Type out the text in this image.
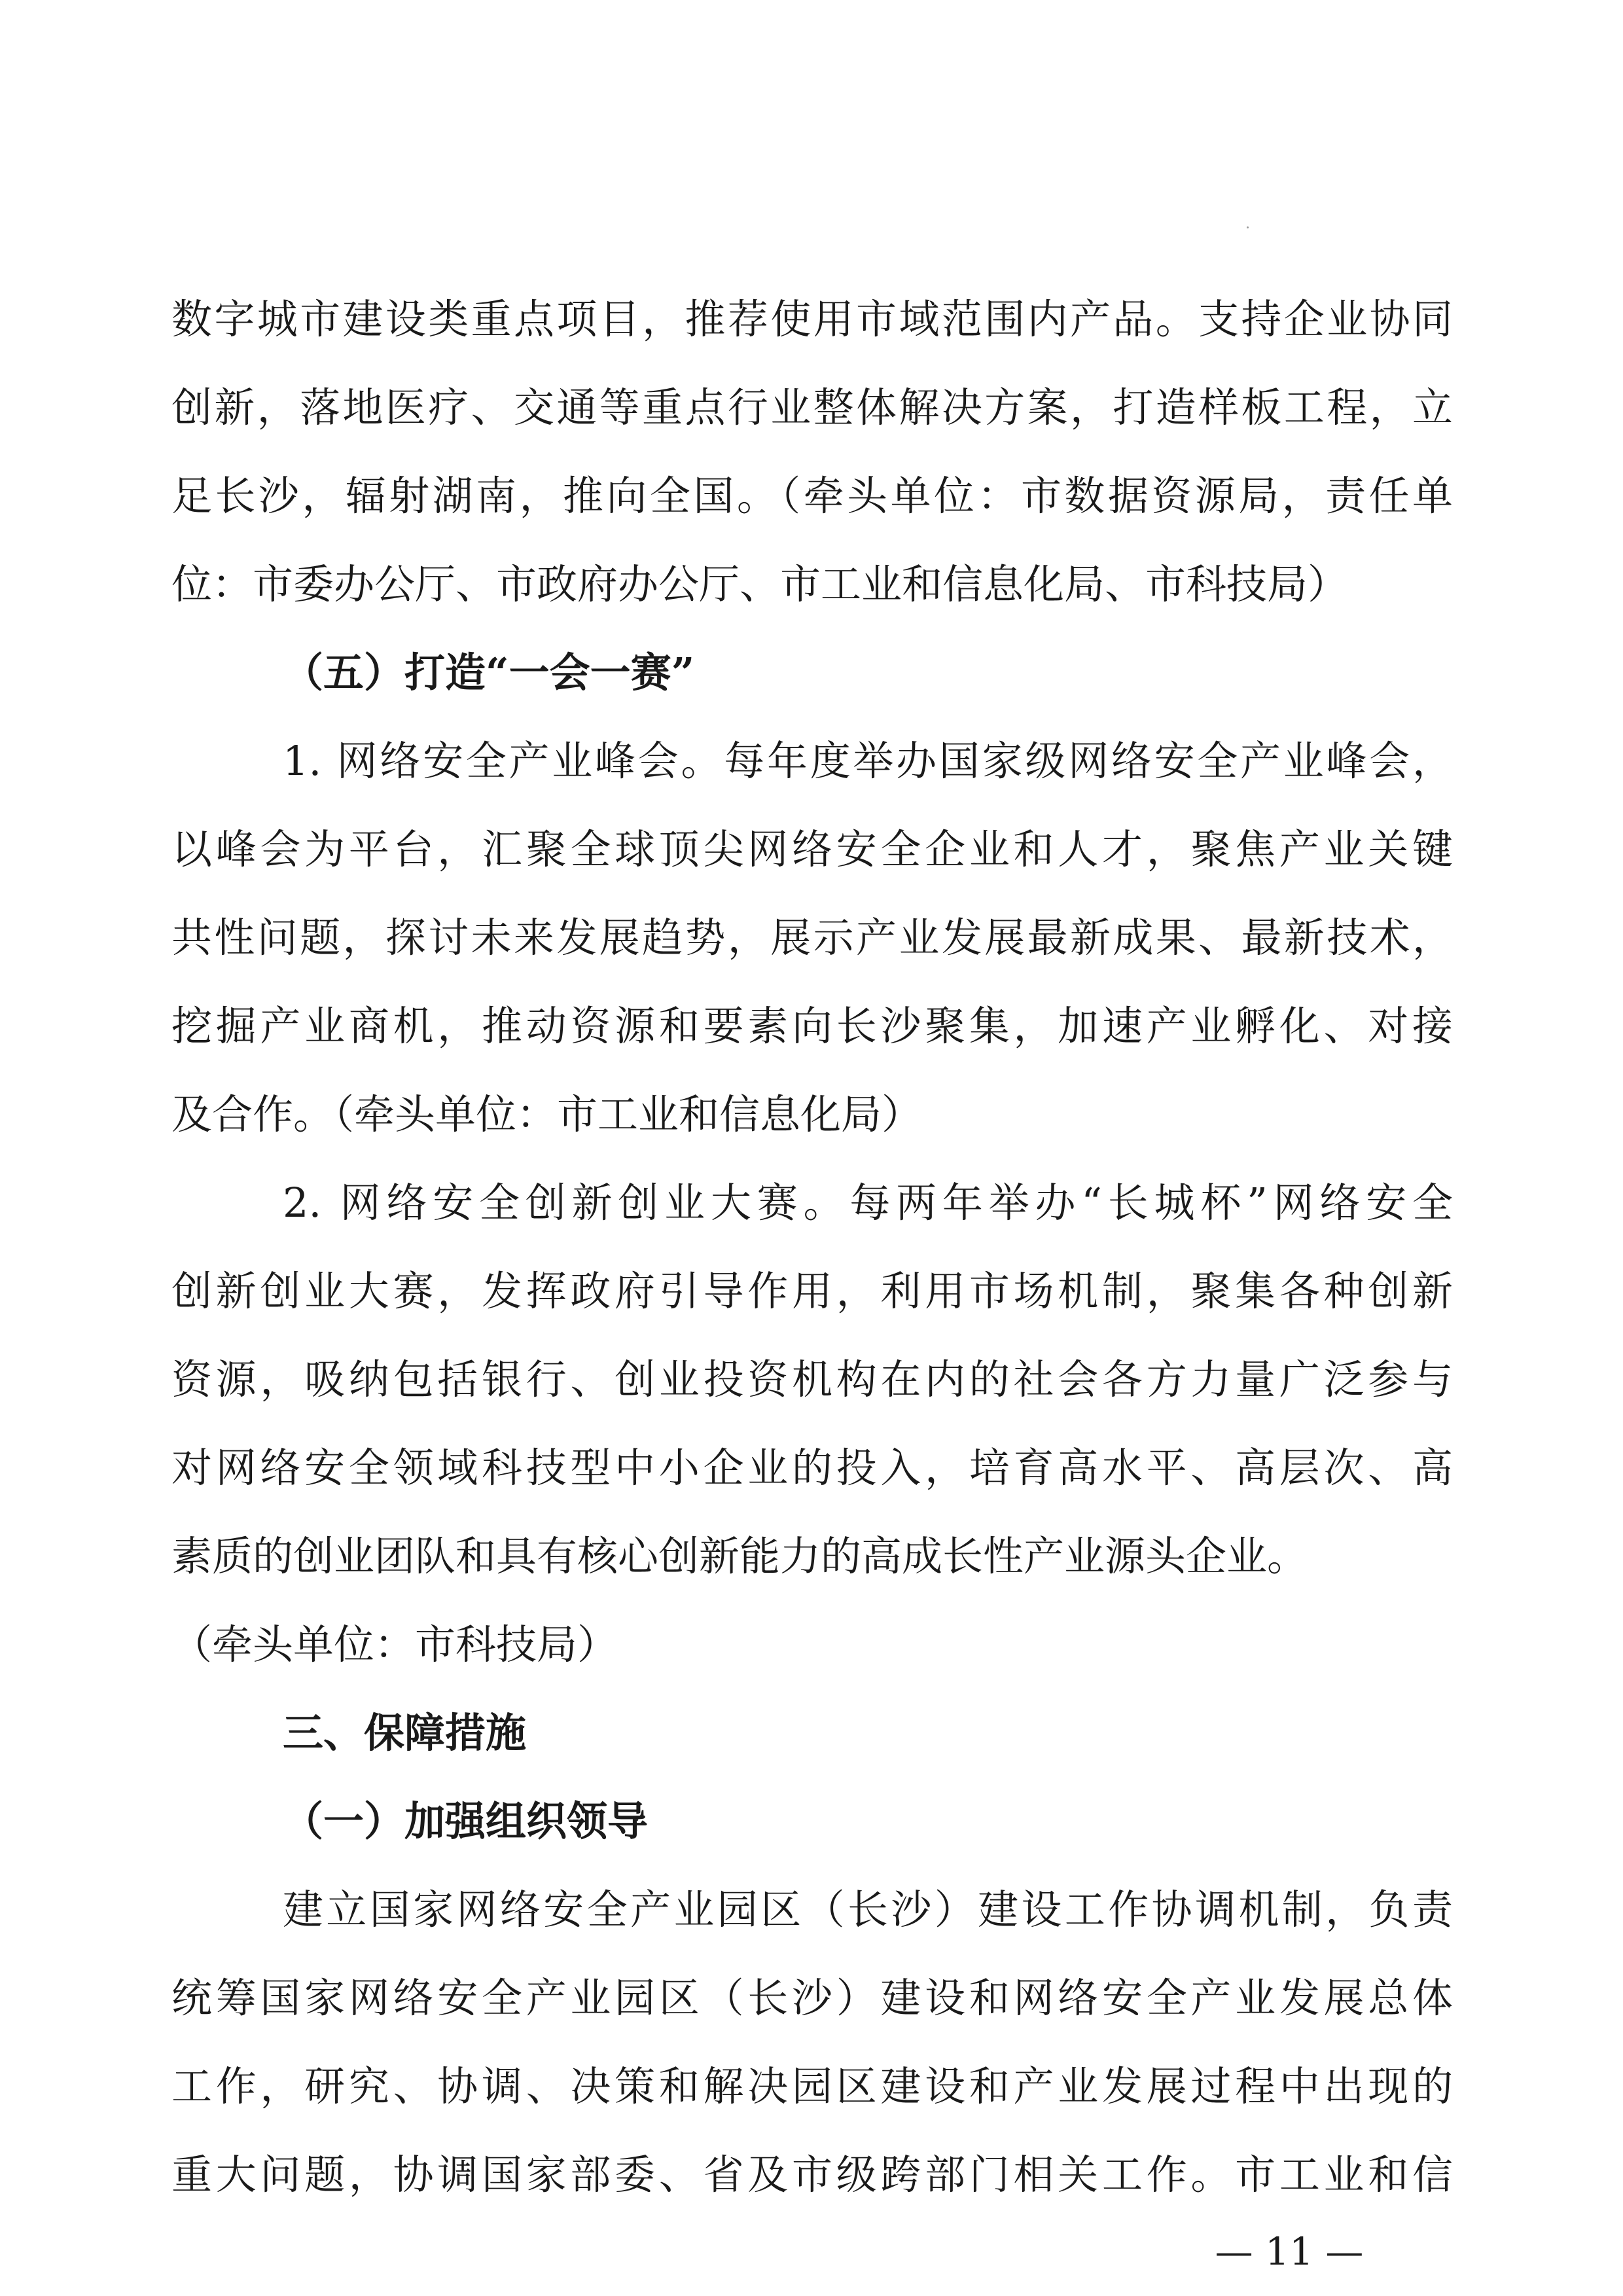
数字城市建设类重点项目，推荐使用市域范围内产品。支持企业协同
创新，落地医疗、交通等重点行业整体解决方案，打造样板工程，立
足长沙，辐射湖南，推向全国。（牵头单位：市数据资源局，责任单
位：市委办公厅、市政府办公厅、市工业和信息化局、市科技局）
（五）打造“一会一赛”
1. 网络安全产业峰会。每年度举办国家级网络安全产业峰会，
以峰会为平台，汇聚全球顶尖网络安全企业和人才，聚焦产业关键
共性问题，探讨未来发展趋势，展示产业发展最新成果、最新技术，
挖掘产业商机，推动资源和要素向长沙聚集，加速产业孵化、对接
及合作。（牵头单位：市工业和信息化局）
2. 网络安全创新创业大赛。每两年举办“长城杯”网络安全
创新创业大赛，发挥政府引导作用，利用市场机制，聚集各种创新
资源，吸纳包括银行、创业投资机构在内的社会各方力量广泛参与
对网络安全领域科技型中小企业的投入，培育高水平、高层次、高
素质的创业团队和具有核心创新能力的高成长性产业源头企业。
（牵头单位：市科技局）
三、保障措施
（一）加强组织领导
建立国家网络安全产业园区（长沙）建设工作协调机制，负责
统筹国家网络安全产业园区（长沙）建设和网络安全产业发展总体
工作，研究、协调、决策和解决园区建设和产业发展过程中出现的
重大问题，协调国家部委、省及市级跨部门相关工作。市工业和信
— 11 —
